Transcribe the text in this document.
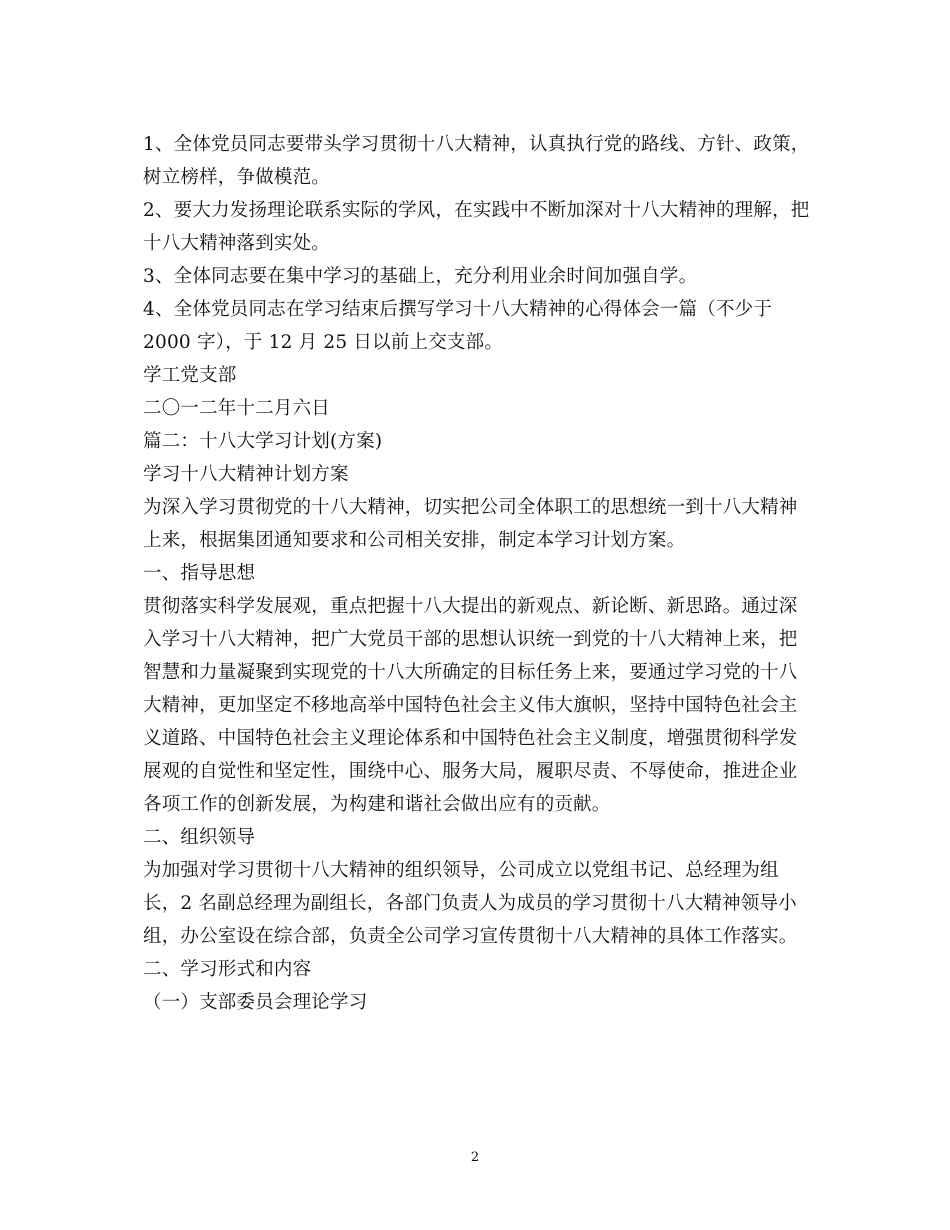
1、全体党员同志要带头学习贯彻十八大精神，认真执行党的路线、方针、政策，
树立榜样，争做模范。
2、要大力发扬理论联系实际的学风，在实践中不断加深对十八大精神的理解，把
十八大精神落到实处。
3、全体同志要在集中学习的基础上，充分利用业余时间加强自学。
4、全体党员同志在学习结束后撰写学习十八大精神的心得体会一篇（不少于
2000 字），于 12 月 25 日以前上交支部。
学工党支部
二〇一二年十二月六日
篇二：十八大学习计划(方案)
学习十八大精神计划方案
为深入学习贯彻党的十八大精神，切实把公司全体职工的思想统一到十八大精神
上来，根据集团通知要求和公司相关安排，制定本学习计划方案。
一、指导思想
贯彻落实科学发展观，重点把握十八大提出的新观点、新论断、新思路。通过深
入学习十八大精神，把广大党员干部的思想认识统一到党的十八大精神上来，把
智慧和力量凝聚到实现党的十八大所确定的目标任务上来，要通过学习党的十八
大精神，更加坚定不移地高举中国特色社会主义伟大旗帜，坚持中国特色社会主
义道路、中国特色社会主义理论体系和中国特色社会主义制度，增强贯彻科学发
展观的自觉性和坚定性，围绕中心、服务大局，履职尽责、不辱使命，推进企业
各项工作的创新发展，为构建和谐社会做出应有的贡献。
二、组织领导
为加强对学习贯彻十八大精神的组织领导，公司成立以党组书记、总经理为组
长，2 名副总经理为副组长，各部门负责人为成员的学习贯彻十八大精神领导小
组，办公室设在综合部，负责全公司学习宣传贯彻十八大精神的具体工作落实。
二、学习形式和内容
（一）支部委员会理论学习
2
